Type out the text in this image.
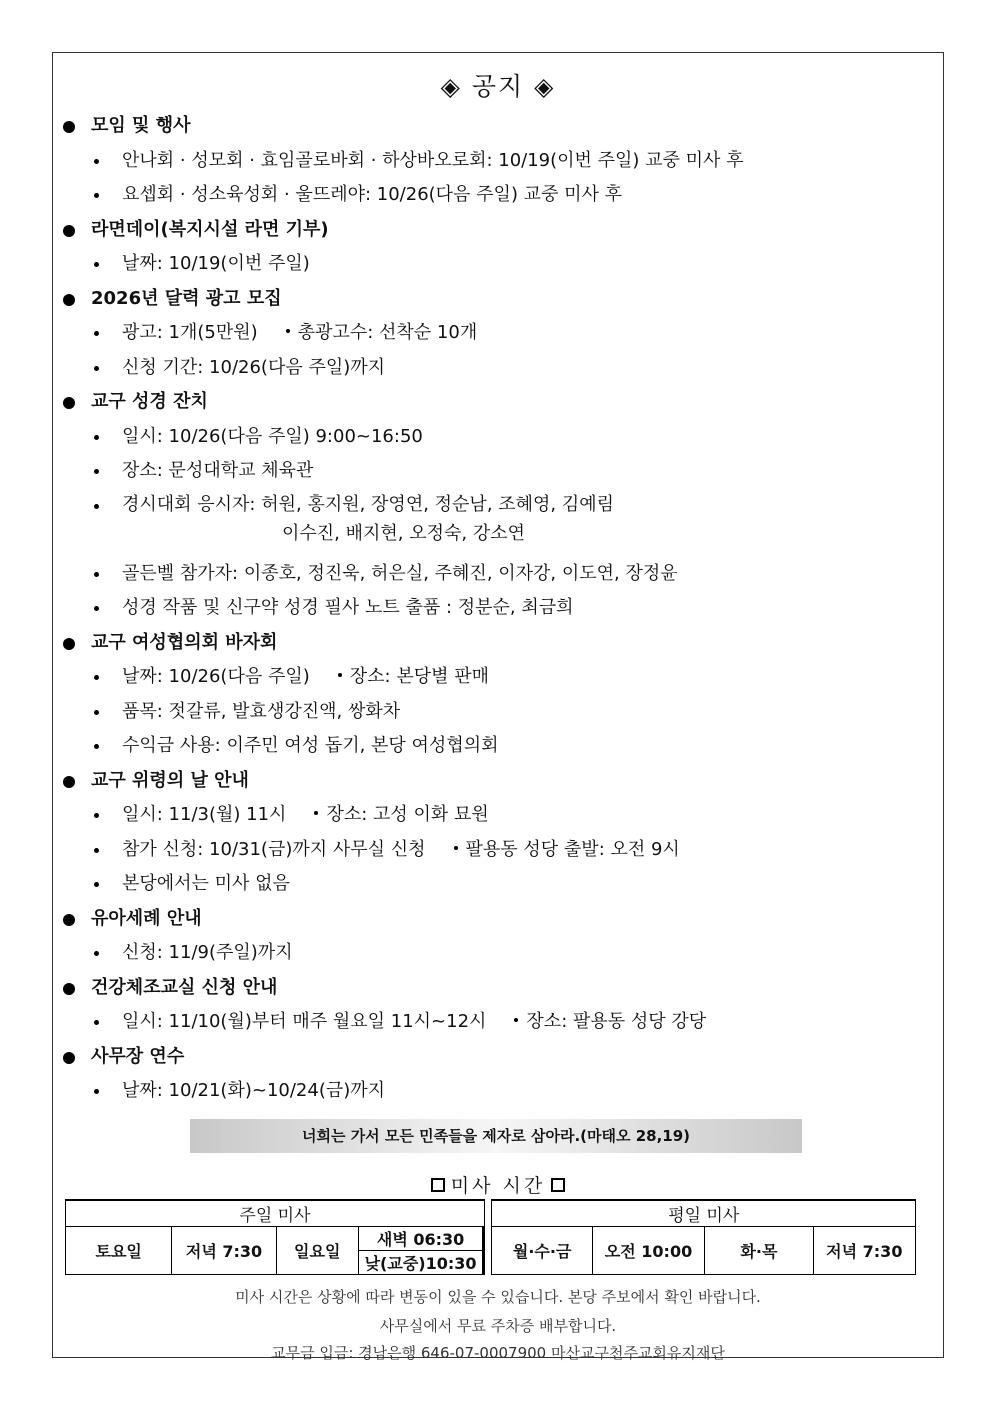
◈ 공지 ◈
모임 및 행사
안나회 · 성모회 · 효임골로바회 · 하상바오로회: 10/19(이번 주일) 교중 미사 후
요셉회 · 성소육성회 · 울뜨레야: 10/26(다음 주일) 교중 미사 후
라면데이(복지시설 라면 기부)
날짜: 10/19(이번 주일)
2026년 달력 광고 모집
광고: 1개(5만원) 총광고수: 선착순 10개
신청 기간: 10/26(다음 주일)까지
교구 성경 잔치
일시: 10/26(다음 주일) 9:00~16:50
장소: 문성대학교 체육관
경시대회 응시자: 허원, 홍지원, 장영연, 정순남, 조혜영, 김예림
이수진, 배지현, 오정숙, 강소연
골든벨 참가자: 이종호, 정진욱, 허은실, 주혜진, 이자강, 이도연, 장정윤
성경 작품 및 신구약 성경 필사 노트 출품 : 정분순, 최금희
교구 여성협의회 바자회
날짜: 10/26(다음 주일) 장소: 본당별 판매
품목: 젓갈류, 발효생강진액, 쌍화차
수익금 사용: 이주민 여성 돕기, 본당 여성협의회
교구 위령의 날 안내
일시: 11/3(월) 11시 장소: 고성 이화 묘원
참가 신청: 10/31(금)까지 사무실 신청 팔용동 성당 출발: 오전 9시
본당에서는 미사 없음
유아세례 안내
신청: 11/9(주일)까지
건강체조교실 신청 안내
일시: 11/10(월)부터 매주 월요일 11시~12시 장소: 팔용동 성당 강당
사무장 연수
날짜: 10/21(화)~10/24(금)까지
너희는 가서 모든 민족들을 제자로 삼아라.(마태오 28,19)
미사 시간
주일 미사						평일 미사			
토요일	저녁 7:30	일요일	새벽 06:30			월·수·금	오전 10:00	화·목	저녁 7:30
			낮(교중)10:30						
미사 시간은 상황에 따라 변동이 있을 수 있습니다. 본당 주보에서 확인 바랍니다.
사무실에서 무료 주차증 배부합니다.
교무금 입금: 경남은행 646-07-0007900 마산교구천주교회유지재단
